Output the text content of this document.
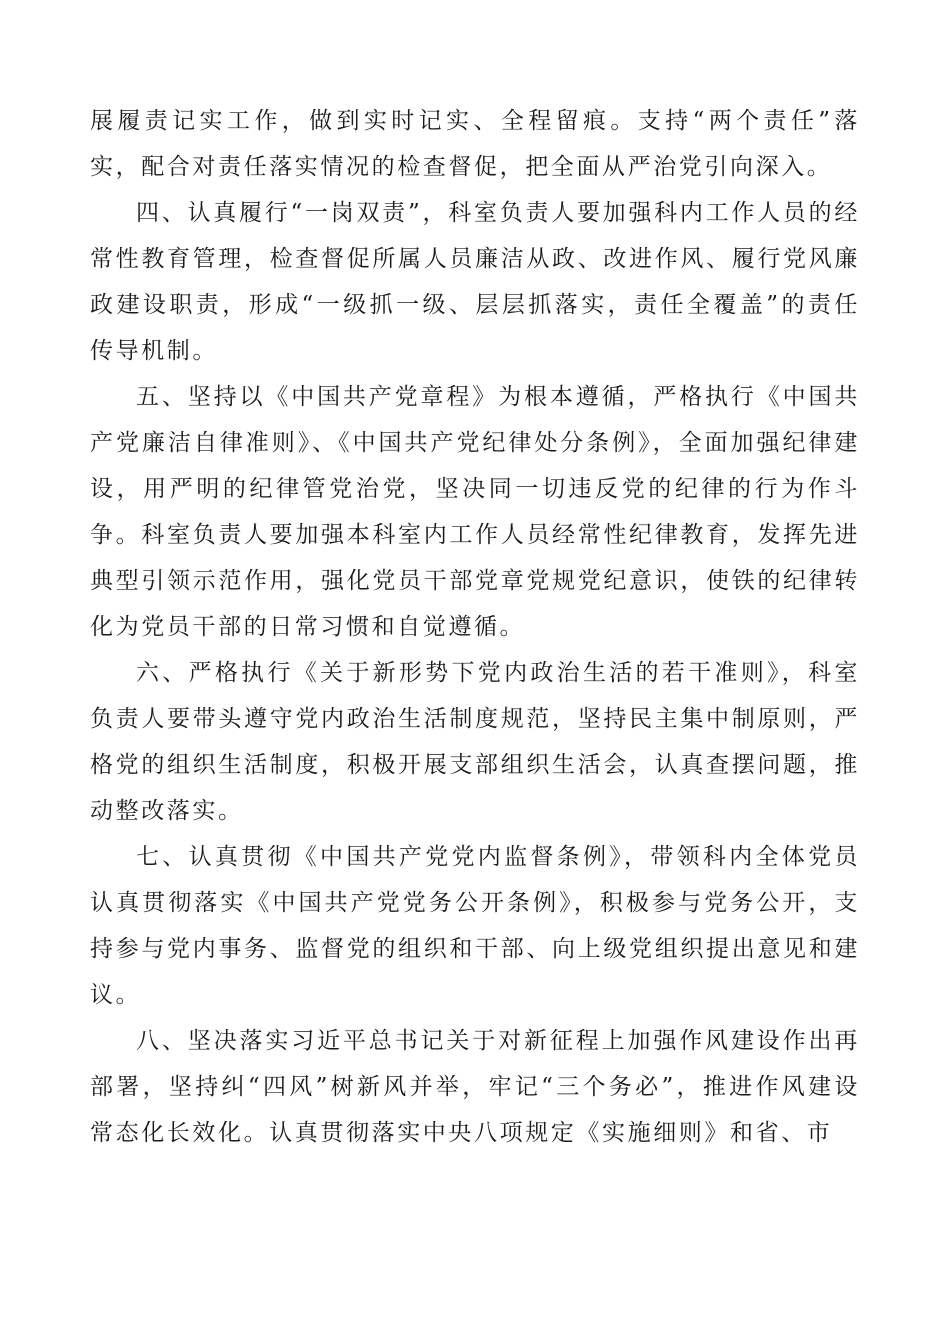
展履责记实工作，做到实时记实、全程留痕。支持“两个责任”落实，配合对责任落实情况的检查督促，把全面从严治党引向深入。

四、认真履行“一岗双责”，科室负责人要加强科内工作人员的经常性教育管理，检查督促所属人员廉洁从政、改进作风、履行党风廉政建设职责，形成“一级抓一级、层层抓落实，责任全覆盖”的责任传导机制。

五、坚持以《中国共产党章程》为根本遵循，严格执行《中国共产党廉洁自律准则》、《中国共产党纪律处分条例》，全面加强纪律建设，用严明的纪律管党治党，坚决同一切违反党的纪律的行为作斗争。科室负责人要加强本科室内工作人员经常性纪律教育，发挥先进典型引领示范作用，强化党员干部党章党规党纪意识，使铁的纪律转化为党员干部的日常习惯和自觉遵循。

六、严格执行《关于新形势下党内政治生活的若干准则》，科室负责人要带头遵守党内政治生活制度规范，坚持民主集中制原则，严格党的组织生活制度，积极开展支部组织生活会，认真查摆问题，推动整改落实。

七、认真贯彻《中国共产党党内监督条例》，带领科内全体党员认真贯彻落实《中国共产党党务公开条例》，积极参与党务公开，支持参与党内事务、监督党的组织和干部、向上级党组织提出意见和建议。

八、坚决落实习近平总书记关于对新征程上加强作风建设作出再部署，坚持纠“四风”树新风并举，牢记“三个务必”，推进作风建设常态化长效化。认真贯彻落实中央八项规定《实施细则》和省、市
